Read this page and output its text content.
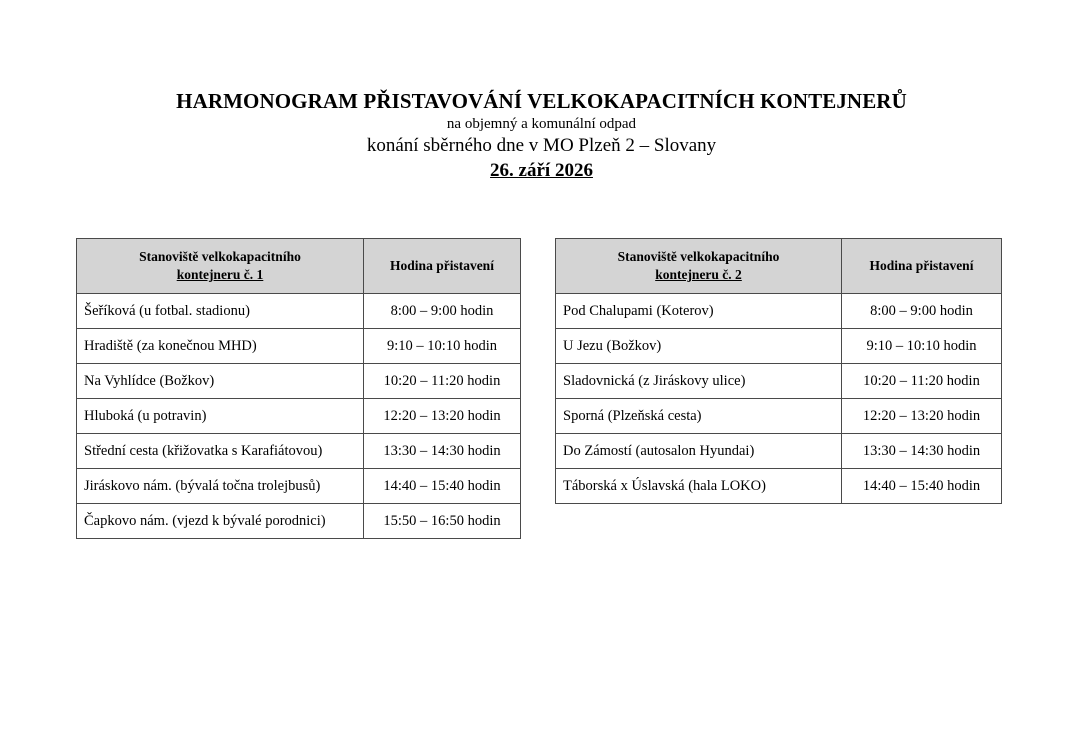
HARMONOGRAM PŘISTAVOVÁNÍ VELKOKAPACITNÍCH KONTEJNERŮ
na objemný a komunální odpad
konání sběrného dne v MO Plzeň 2 – Slovany
26. září 2026
Stanoviště velkokapacitního
kontejneru č. 1	Hodina přistavení
Šeříková (u fotbal. stadionu)	8:00 – 9:00 hodin
Hradiště (za konečnou MHD)	9:10 – 10:10 hodin
Na Vyhlídce (Božkov)	10:20 – 11:20 hodin
Hluboká (u potravin)	12:20 – 13:20 hodin
Střední cesta (křižovatka s Karafiátovou)	13:30 – 14:30 hodin
Jiráskovo nám. (bývalá točna trolejbusů)	14:40 – 15:40 hodin
Čapkovo nám. (vjezd k bývalé porodnici)	15:50 – 16:50 hodin
Stanoviště velkokapacitního
kontejneru č. 2	Hodina přistavení
Pod Chalupami (Koterov)	8:00 – 9:00 hodin
U Jezu (Božkov)	9:10 – 10:10 hodin
Sladovnická (z Jiráskovy ulice)	10:20 – 11:20 hodin
Sporná (Plzeňská cesta)	12:20 – 13:20 hodin
Do Zámostí (autosalon Hyundai)	13:30 – 14:30 hodin
Táborská x Úslavská (hala LOKO)	14:40 – 15:40 hodin
